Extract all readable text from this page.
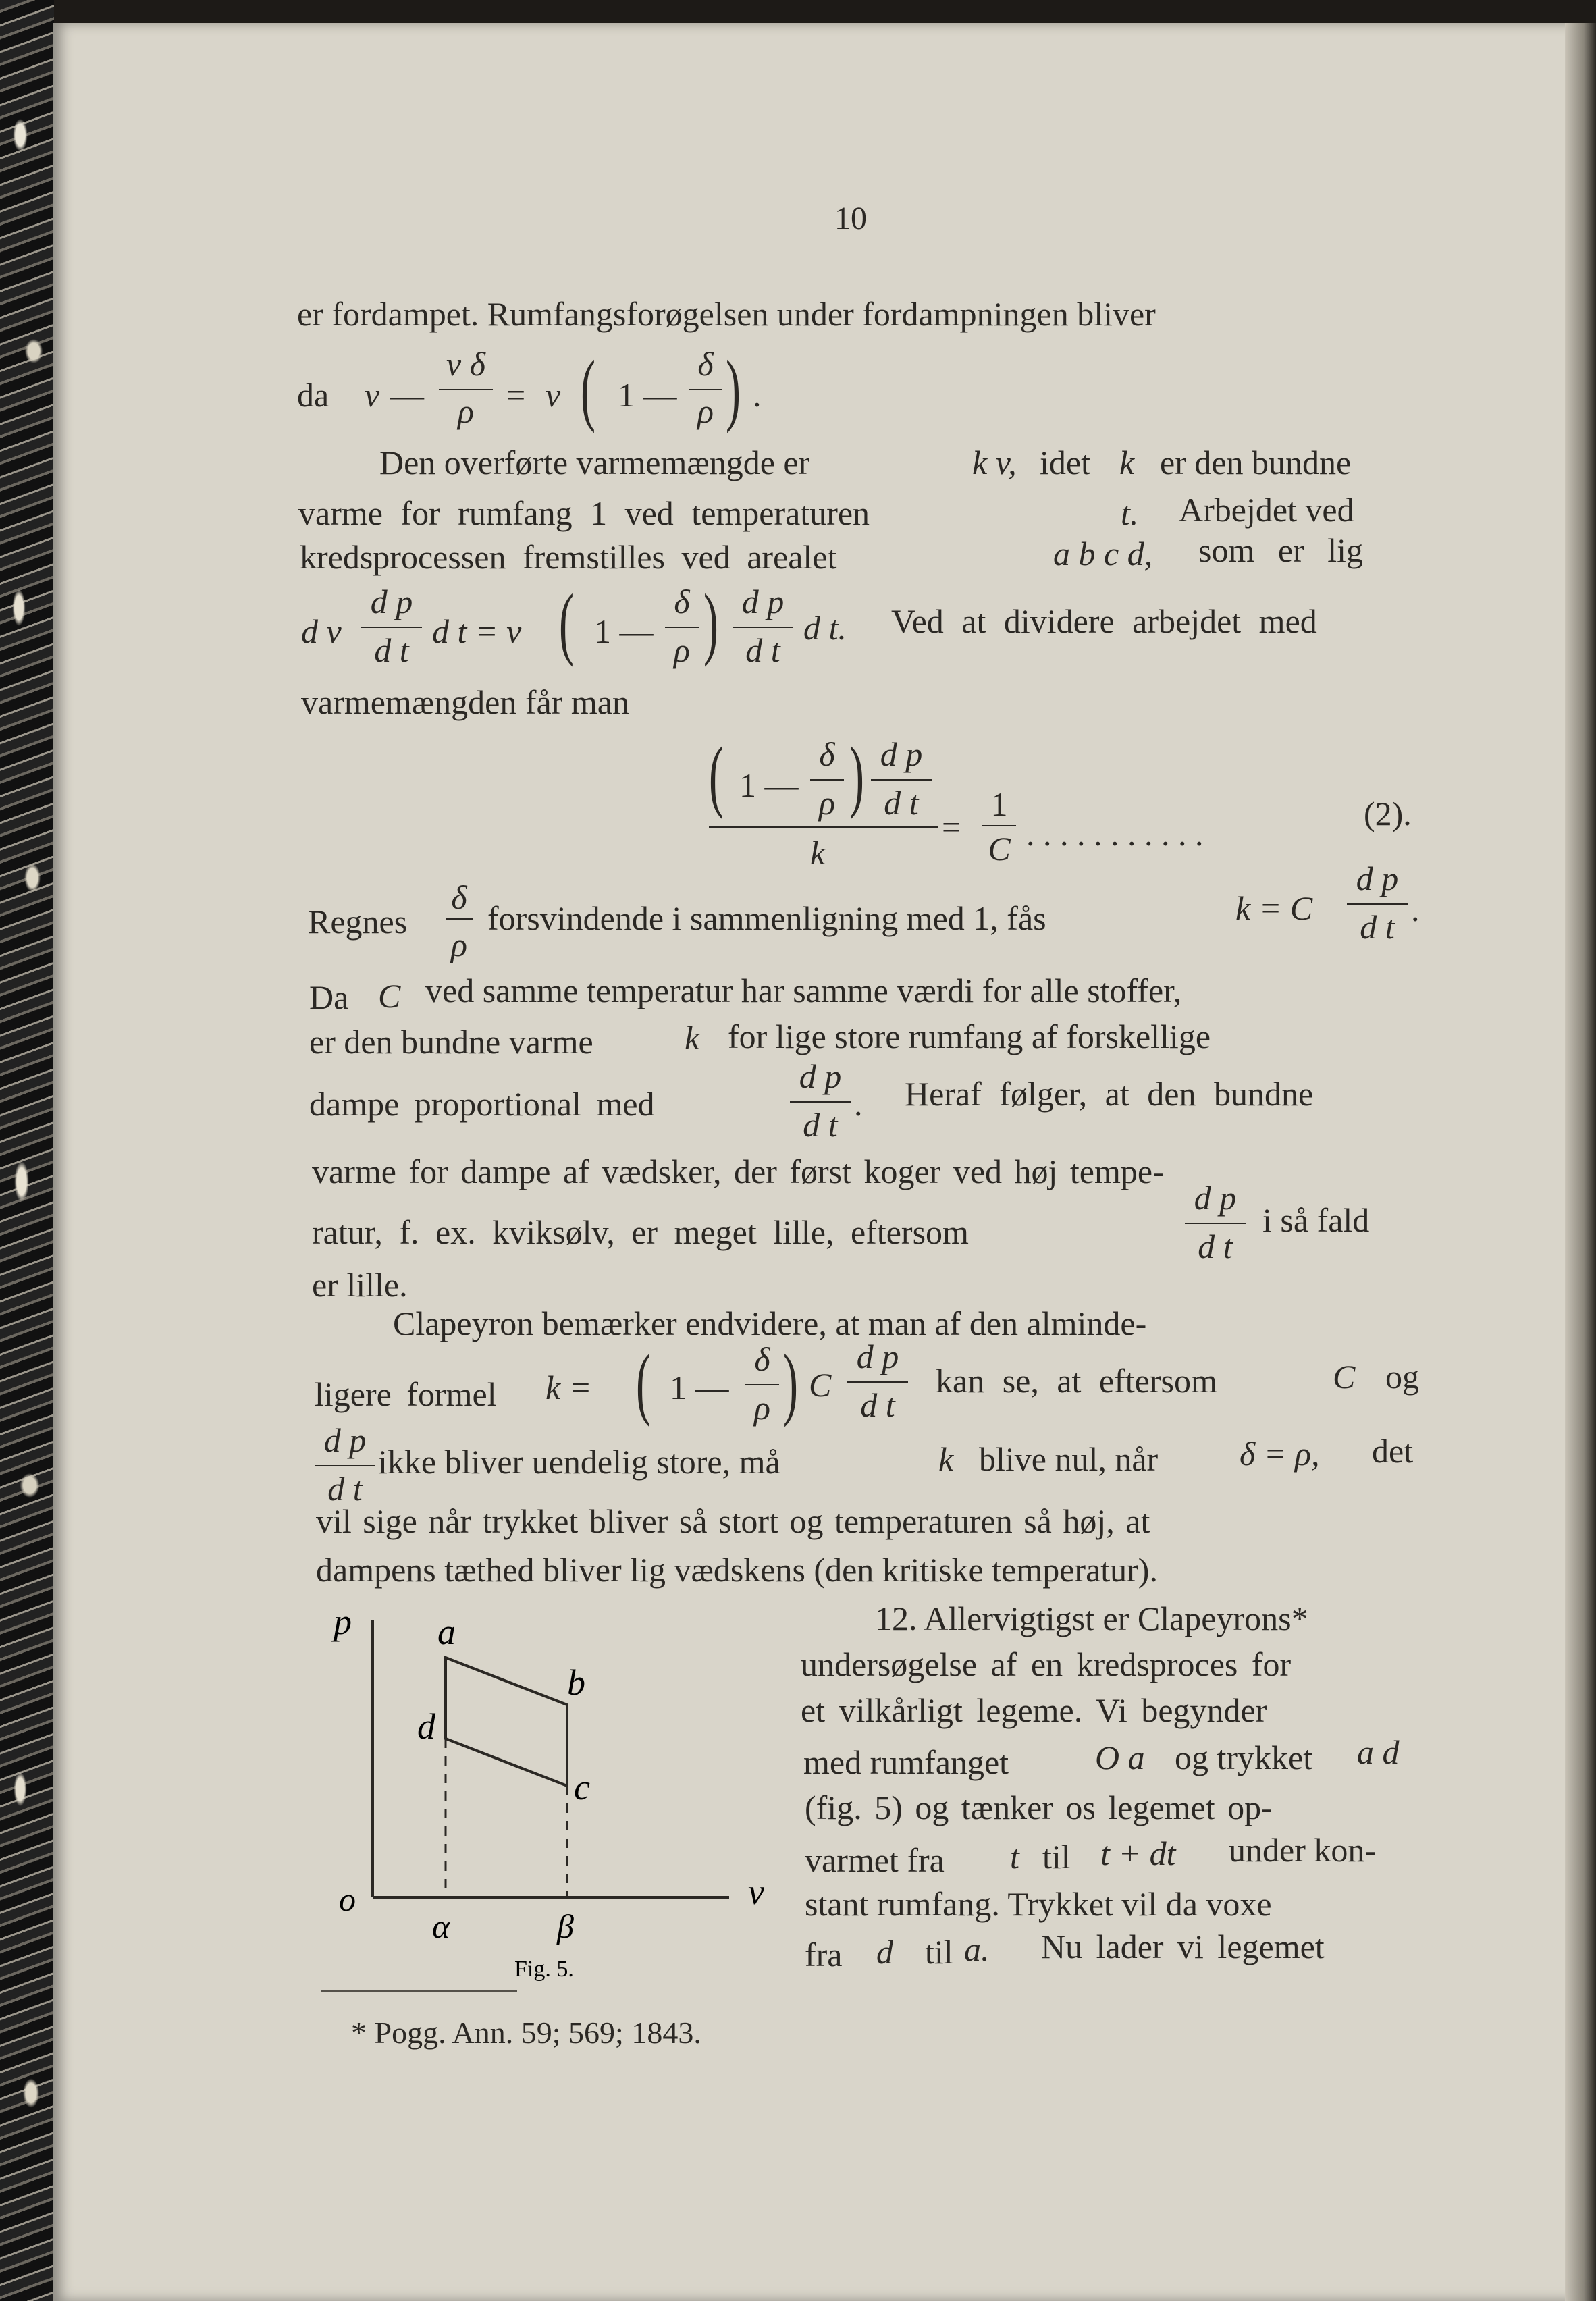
10
er fordampet. Rumfangsforøgelsen under fordampningen bliver
da v —
v δ
ρ = v ( 1 —
δ
ρ ) .
Den overførte varmemængde er	k v, idet k er den bundne
varme for rumfang 1 ved temperaturen	t. Arbejdet ved
kredsprocessen fremstilles ved arealet	a b c d, som er lig
d v
d p
d t d t = v ( 1 —
δ
ρ ) d p
d t
d t. Ved at dividere arbejdet med
varmemængden får man
( 1 —
δ
ρ ) d p
d t
k
=
1
C . . . . . . . . . . .
(2).
Regnes
δ
ρ
forsvindende i sammenligning med 1, fås	k = C
d p
d t .
Da C ved samme temperatur har samme værdi for alle stoffer,
er den bundne varme	k for lige store rumfang af forskellige
dampe proportional med
d p
d t
. Heraf følger, at den bundne
varme for dampe af vædsker, der først koger ved høj tempe-
ratur, f. ex. kviksølv, er meget lille, eftersom
d p
d t
i så fald
er lille.
Clapeyron bemærker endvidere, at man af den alminde-
ligere formel k = ( 1 —
δ
ρ ) C
d p
d t
kan se, at eftersom	C og
d p
d t
ikke bliver uendelig store, må	k blive nul, når δ = ρ, det
vil sige når trykket bliver så stort og temperaturen så høj, at
dampens tæthed bliver lig vædskens (den kritiske temperatur).
p
v
o
a
b
c
d
α	β
Fig. 5.
12. Allervigtigst er Clapeyrons*
undersøgelse af en kredsproces for
et vilkårligt legeme. Vi begynder
med rumfanget	O a og trykket a d
(fig. 5) og tænker os legemet op-
varmet fra t til t + dt under kon-
stant rumfang. Trykket vil da voxe
fra d til a. Nu lader vi legemet
* Pogg. Ann. 59; 569; 1843.
